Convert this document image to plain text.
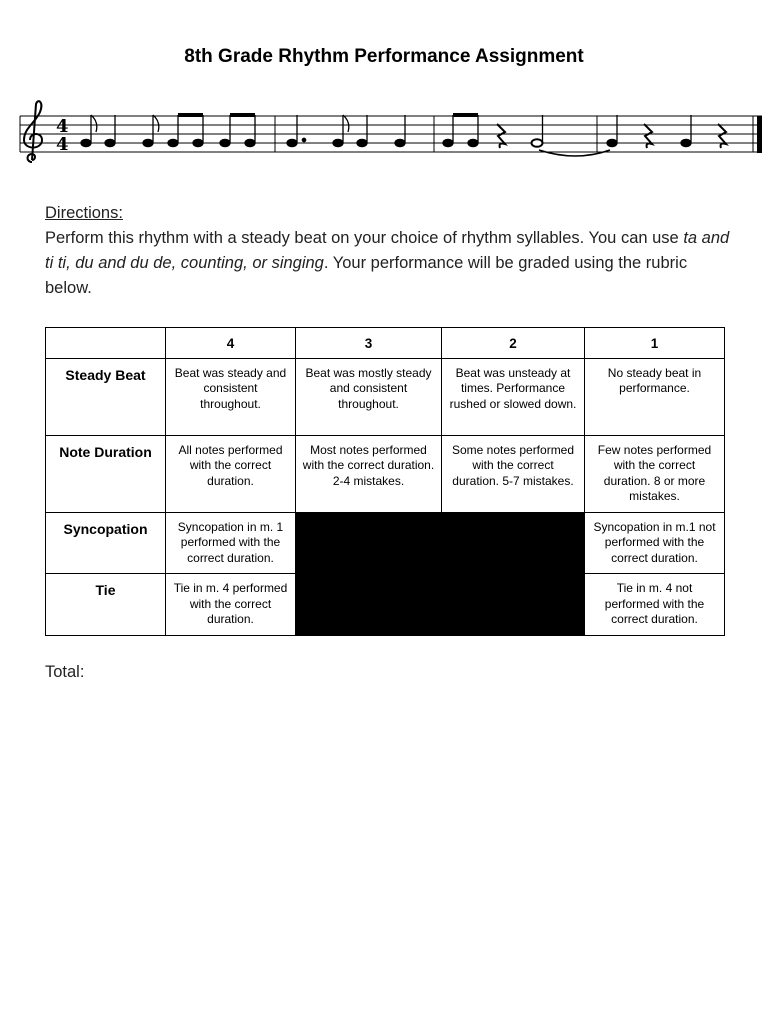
8th Grade Rhythm Performance Assignment
4
4
Directions:
Perform this rhythm with a steady beat on your choice of rhythm syllables. You can use ta and ti ti, du and du de, counting, or singing. Your performance will be graded using the rubric below.
	4	3	2	1
Steady Beat	Beat was steady and consistent throughout.	Beat was mostly steady and consistent throughout.	Beat was unsteady at times. Performance rushed or slowed down.	No steady beat in performance.
Note Duration	All notes performed with the correct duration.	Most notes performed with the correct duration. 2-4 mistakes.	Some notes performed with the correct duration. 5-7 mistakes.	Few notes performed with the correct duration. 8 or more mistakes.
Syncopation	Syncopation in m. 1 performed with the correct duration.			Syncopation in m.1 not performed with the correct duration.
Tie	Tie in m. 4 performed with the correct duration.			Tie in m. 4 not performed with the correct duration.
Total:
